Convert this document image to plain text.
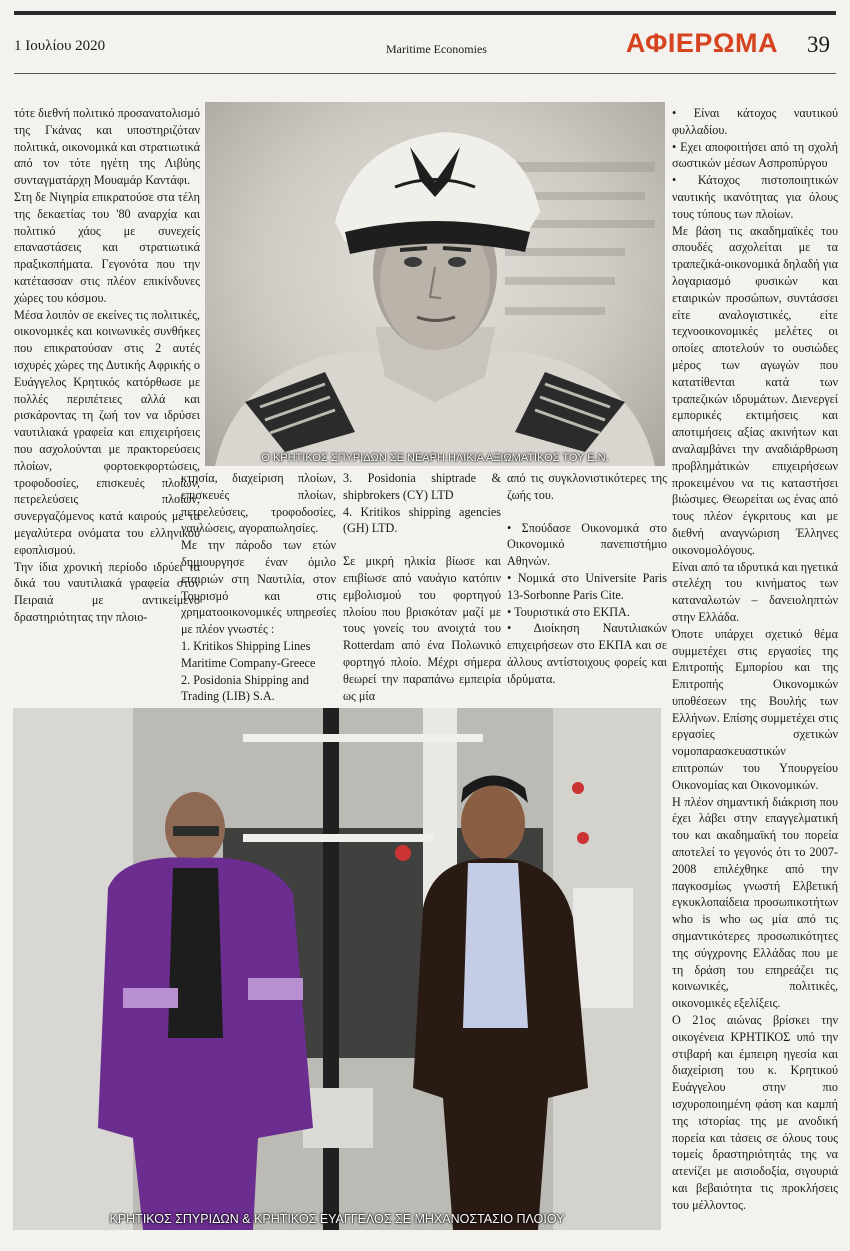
1 Ιουλίου 2020	Maritime Economies	ΑΦΙΕΡΩΜΑ 39

τότε διεθνή πολιτικό προσανατολισμό της Γκάνας και υποστηριζόταν πολιτικά, οικονομικά και στρατιωτικά από τον τότε ηγέτη της Λιβύης συνταγματάρχη Μουαμάρ Καντάφι.

Στη δε Νιγηρία επικρατούσε στα τέλη της δεκαετίας του '80 αναρχία και πολιτικό χάος με συνεχείς επαναστάσεις και στρατιωτικά πραξικοπήματα. Γεγονότα που την κατέτασσαν στις πλέον επικίνδυνες χώρες του κόσμου.

Μέσα λοιπόν σε εκείνες τις πολιτικές, οικονομικές και κοινωνικές συνθήκες που επικρατούσαν στις 2 αυτές ισχυρές χώρες της Δυτικής Αφρικής ο Ευάγγελος Κρητικός κατόρθωσε με πολλές περιπέτειες αλλά και ρισκάροντας τη ζωή τον να ιδρύσει ναυτιλιακά γραφεία και επιχειρήσεις που ασχολούνται με πρακτορεύσεις πλοίων, φορτοεκφορτώσεις, τροφοδοσίες, επισκευές πλοίων, πετρελεύσεις πλοίων, συνεργαζόμενος κατά καιρούς με τα μεγαλύτερα ονόματα του ελληνικού εφοπλισμού.

Την ίδια χρονική περίοδο ιδρύει τα δικά του ναυτιλιακά γραφεία στον Πειραιά με αντικείμενο δραστηριότητας την πλοιο-

Ο ΚΡΗΤΙΚΟΣ ΣΠΥΡΙΔΩΝ ΣΕ ΝΕΑΡΗ ΗΛΙΚΙΑ ΑΞΙΩΜΑΤΙΚΟΣ ΤΟΥ Ε.Ν.

κτησία, διαχείριση πλοίων, επισκευές πλοίων, πετρελεύσεις, τροφοδοσίες, ναυλώσεις, αγοραπωλησίες.

Με την πάροδο των ετών δημιουργησε έναν όμιλο εταιριών στη Ναυτιλία, στον Τουρισμό και στις χρηματοοικονομικές υπηρεσίες με πλέον γνωστές :

1. Kritikos Shipping Lines Maritime Company-Greece

2. Posidonia Shipping and Trading (LIB) S.A.

3. Posidonia shiptrade & shipbrokers (CY) LTD

4. Kritikos shipping agencies (GH) LTD.

Σε μικρή ηλικία βίωσε και επιβίωσε από ναυάγιο κατόπιν εμβολισμού του φορτηγού πλοίου που βρισκόταν μαζί με τους γονείς του ανοιχτά του Rotterdam από ένα Πολωνικό φορτηγό πλοίο. Μέχρι σήμερα θεωρεί την παραπάνω εμπειρία ως μία

από τις συγκλονιστικότερες της ζωής του.

• Σπούδασε Οικονομικά στο Οικονομικό πανεπιστήμιο Αθηνών.

• Νομικά στο Universite Paris 13-Sorbonne Paris Cite.

• Τουριστικά στο ΕΚΠΑ.

• Διοίκηση Ναυτιλιακών επιχειρήσεων στο ΕΚΠΑ και σε άλλους αντίστοιχους φορείς και ιδρύματα.

• Είναι κάτοχος ναυτικού φυλλαδίου.

• Εχει αποφοιτήσει από τη σχολή σωστικών μέσων Ασπροπύργου

• Κάτοχος πιστοποιητικών ναυτικής ικανότητας για όλους τους τύπους των πλοίων.

Με βάση τις ακαδημαϊκές του σπουδές ασχολείται με τα τραπεζικά-οικονομικά δηλαδή για λογαριασμό φυσικών και εταιρικών προσώπων, συντάσσει είτε αναλογιστικές, είτε τεχνοοικονομικές μελέτες οι οποίες αποτελούν το ουσιώδες μέρος των αγωγών που κατατίθενται κατά των τραπεζικών ιδρυμάτων. Διενεργεί εμπορικές εκτιμήσεις και αποτιμήσεις αξίας ακινήτων και αναλαμβάνει την αναδιάρθρωση προβλημάτικών επιχειρήσεων προκειμένου να τις καταστήσει βιώσιμες. Θεωρείται ως ένας από τους πλέον έγκριτους και με διεθνή αναγνώριση Έλληνες οικονομολόγους.

Είναι από τα ιδρυτικά και ηγετικά στελέχη του κινήματος των καταναλωτών – δανειοληπτών στην Ελλάδα.

Όποτε υπάρχει σχετικό θέμα συμμετέχει στις εργασίες της Επιτροπής Εμπορίου και της Επιτροπής Οικονομικών υποθέσεων της Βουλής των Ελλήνων. Επίσης συμμετέχει στις εργασίες σχετικών νομοπαρασκευαστικών επιτροπών του Υπουργείου Οικονομίας και Οικονομικών.

Η πλέον σημαντική διάκριση που έχει λάβει στην επαγγελματική του και ακαδημαϊκή του πορεία αποτελεί το γεγονός ότι το 2007-2008 επιλέχθηκε από την παγκοσμίως γνωστή Ελβετική εγκυκλοπαίδεια προσωπικοτήτων who is who ως μία από τις σημαντικότερες προσωπικότητες της σύγχρονης Ελλάδας που με τη δράση του επηρεάζει τις κοινωνικές, πολιτικές, οικονομικές εξελίξεις.

Ο 21ος αιώνας βρίσκει την οικογένεια ΚΡΗΤΙΚΟΣ υπό την στιβαρή και έμπειρη ηγεσία και διαχείριση του κ. Κρητικού Ευάγγελου στην πιο ισχυροποιημένη φάση και καμπή της ιστορίας της με ανοδική πορεία και τάσεις σε όλους τους τομείς δραστηριότητάς της να ατενίζει με αισιοδοξία, σιγουριά και βεβαιότητα τις προκλήσεις του μέλλοντος.

ΚΡΗΤΙΚΟΣ ΣΠΥΡΙΔΩΝ & ΚΡΗΤΙΚΟΣ ΕΥΑΓΓΕΛΟΣ ΣΕ ΜΗΧΑΝΟΣΤΑΣΙΟ ΠΛΟΙΟΥ
